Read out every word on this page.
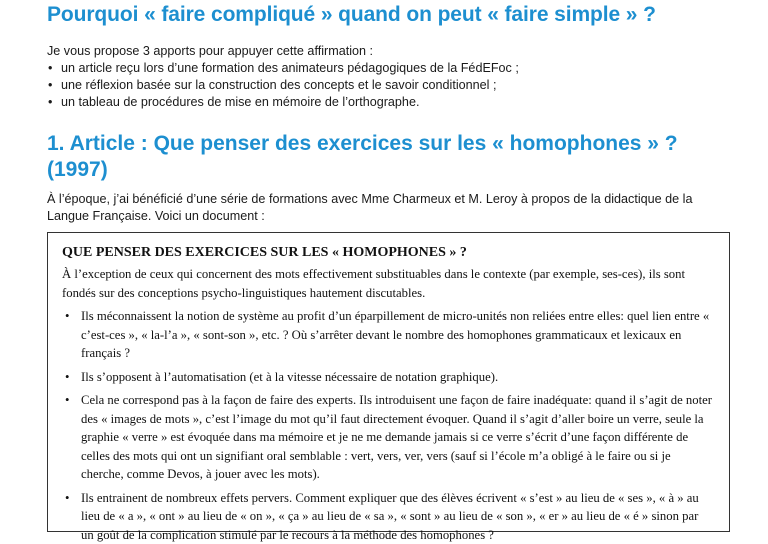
Pourquoi « faire compliqué » quand on peut « faire simple » ?

Je vous propose 3 apports pour appuyer cette affirmation :

• un article reçu lors d’une formation des animateurs pédagogiques de la FédEFoc ;
• une réflexion basée sur la construction des concepts et le savoir conditionnel ;
• un tableau de procédures de mise en mémoire de l’orthographe.
1. Article : Que penser des exercices sur les « homophones » ? (1997)

À l’époque, j’ai bénéficié d’une série de formations avec Mme Charmeux et M. Leroy à propos de la didactique de la Langue Française. Voici un document :

QUE PENSER DES EXERCICES SUR LES « HOMOPHONES » ?

À l’exception de ceux qui concernent des mots effectivement substituables dans le contexte (par exemple, ses-ces), ils sont fondés sur des conceptions psycho-linguistiques hautement discutables.

• Ils méconnaissent la notion de système au profit d’un éparpillement de micro-unités non reliées entre elles: quel lien entre « c’est-ces », « la-l’a », « sont-son », etc. ? Où s’arrêter devant le nombre des homophones grammaticaux et lexicaux en français ?
• Ils s’opposent à l’automatisation (et à la vitesse nécessaire de notation graphique).
• Cela ne correspond pas à la façon de faire des experts. Ils introduisent une façon de faire inadéquate: quand il s’agit de noter des « images de mots », c’est l’image du mot qu’il faut directement évoquer. Quand il s’agit d’aller boire un verre, seule la graphie « verre » est évoquée dans ma mémoire et je ne me demande jamais si ce verre s’écrit d’une façon différente de celles des mots qui ont un signifiant oral semblable : vert, vers, ver, vers (sauf si l’école m’a obligé à le faire ou si je cherche, comme Devos, à jouer avec les mots).
• Ils entrainent de nombreux effets pervers. Comment expliquer que des élèves écrivent « s’est » au lieu de « ses », « à » au lieu de « a », « ont » au lieu de « on », « ça » au lieu de « sa », « sont » au lieu de « son », « er » au lieu de « é » sinon par un goût de la complication stimulé par le recours à la méthode des homophones ?
